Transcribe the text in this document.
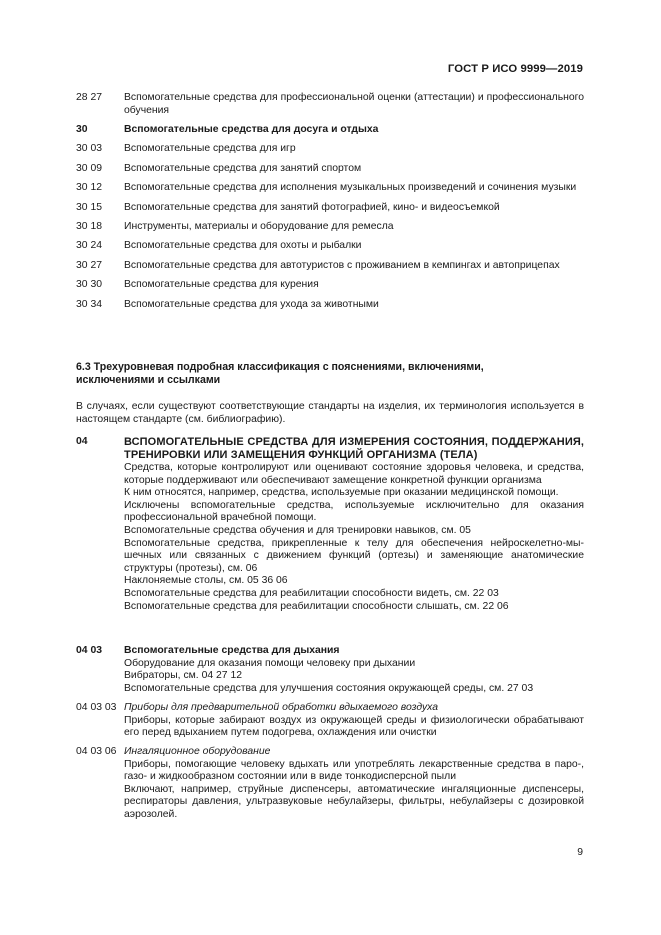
ГОСТ Р ИСО 9999—2019
28 27	Вспомогательные средства для профессиональной оценки (аттестации) и профессионального обучения
30	Вспомогательные средства для досуга и отдыха
30 03	Вспомогательные средства для игр
30 09	Вспомогательные средства для занятий спортом
30 12	Вспомогательные средства для исполнения музыкальных произведений и сочинения музыки
30 15	Вспомогательные средства для занятий фотографией, кино- и видеосъемкой
30 18	Инструменты, материалы и оборудование для ремесла
30 24	Вспомогательные средства для охоты и рыбалки
30 27	Вспомогательные средства для автотуристов с проживанием в кемпингах и автоприцепах
30 30	Вспомогательные средства для курения
30 34	Вспомогательные средства для ухода за животными
6.3 Трехуровневая подробная классификация с пояснениями, включениями, исключениями и ссылками
В случаях, если существуют соответствующие стандарты на изделия, их терминология используется в настоящем стандарте (см. библиографию).
04	ВСПОМОГАТЕЛЬНЫЕ СРЕДСТВА ДЛЯ ИЗМЕРЕНИЯ СОСТОЯНИЯ, ПОДДЕРЖАНИЯ, ТРЕНИРОВКИ ИЛИ ЗАМЕЩЕНИЯ ФУНКЦИЙ ОРГАНИЗМА (ТЕЛА)
Средства, которые контролируют или оценивают состояние здоровья человека, и средства, которые поддерживают или обеспечивают замещение конкретной функции организма
К ним относятся, например, средства, используемые при оказании медицинской помощи.
Исключены вспомогательные средства, используемые исключительно для оказания профессиональной врачебной помощи.
Вспомогательные средства обучения и для тренировки навыков, см. 05
Вспомогательные средства, прикрепленные к телу для обеспечения нейроскелетно-мышечных или связанных с движением функций (ортезы) и заменяющие анатомические структуры (протезы), см. 06
Наклоняемые столы, см. 05 36 06
Вспомогательные средства для реабилитации способности видеть, см. 22 03
Вспомогательные средства для реабилитации способности слышать, см. 22 06
04 03	Вспомогательные средства для дыхания
Оборудование для оказания помощи человеку при дыхании
Вибраторы, см. 04 27 12
Вспомогательные средства для улучшения состояния окружающей среды, см. 27 03
04 03 03 Приборы для предварительной обработки вдыхаемого воздуха
Приборы, которые забирают воздух из окружающей среды и физиологически обрабатывают его перед вдыханием путем подогрева, охлаждения или очистки
04 03 06 Ингаляционное оборудование
Приборы, помогающие человеку вдыхать или употреблять лекарственные средства в паро-, газо- и жидкообразном состоянии или в виде тонкодисперсной пыли
Включают, например, струйные диспенсеры, автоматические ингаляционные диспенсеры, респираторы давления, ультразвуковые небулайзеры, фильтры, небулайзеры с дозировкой аэрозолей.
9
